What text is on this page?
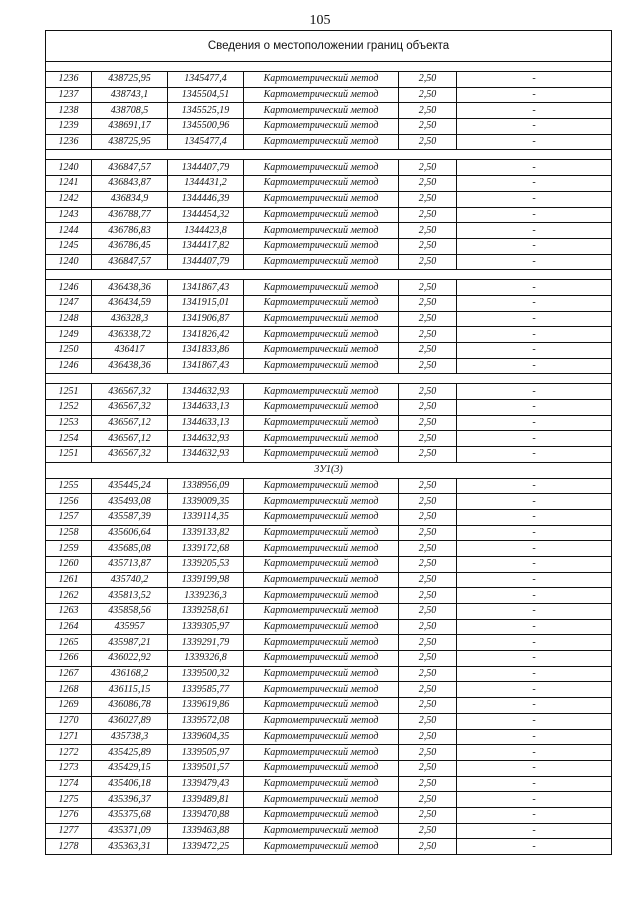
105
Сведения о местоположении границ объекта					

1236	438725,95	1345477,4	Картометрический метод	2,50	-
1237	438743,1	1345504,51	Картометрический метод	2,50	-
1238	438708,5	1345525,19	Картометрический метод	2,50	-
1239	438691,17	1345500,96	Картометрический метод	2,50	-
1236	438725,95	1345477,4	Картометрический метод	2,50	-

1240	436847,57	1344407,79	Картометрический метод	2,50	-
1241	436843,87	1344431,2	Картометрический метод	2,50	-
1242	436834,9	1344446,39	Картометрический метод	2,50	-
1243	436788,77	1344454,32	Картометрический метод	2,50	-
1244	436786,83	1344423,8	Картометрический метод	2,50	-
1245	436786,45	1344417,82	Картометрический метод	2,50	-
1240	436847,57	1344407,79	Картометрический метод	2,50	-

1246	436438,36	1341867,43	Картометрический метод	2,50	-
1247	436434,59	1341915,01	Картометрический метод	2,50	-
1248	436328,3	1341906,87	Картометрический метод	2,50	-
1249	436338,72	1341826,42	Картометрический метод	2,50	-
1250	436417	1341833,86	Картометрический метод	2,50	-
1246	436438,36	1341867,43	Картометрический метод	2,50	-

1251	436567,32	1344632,93	Картометрический метод	2,50	-
1252	436567,32	1344633,13	Картометрический метод	2,50	-
1253	436567,12	1344633,13	Картометрический метод	2,50	-
1254	436567,12	1344632,93	Картометрический метод	2,50	-
1251	436567,32	1344632,93	Картометрический метод	2,50	-
3У1(3)					
1255	435445,24	1338956,09	Картометрический метод	2,50	-
1256	435493,08	1339009,35	Картометрический метод	2,50	-
1257	435587,39	1339114,35	Картометрический метод	2,50	-
1258	435606,64	1339133,82	Картометрический метод	2,50	-
1259	435685,08	1339172,68	Картометрический метод	2,50	-
1260	435713,87	1339205,53	Картометрический метод	2,50	-
1261	435740,2	1339199,98	Картометрический метод	2,50	-
1262	435813,52	1339236,3	Картометрический метод	2,50	-
1263	435858,56	1339258,61	Картометрический метод	2,50	-
1264	435957	1339305,97	Картометрический метод	2,50	-
1265	435987,21	1339291,79	Картометрический метод	2,50	-
1266	436022,92	1339326,8	Картометрический метод	2,50	-
1267	436168,2	1339500,32	Картометрический метод	2,50	-
1268	436115,15	1339585,77	Картометрический метод	2,50	-
1269	436086,78	1339619,86	Картометрический метод	2,50	-
1270	436027,89	1339572,08	Картометрический метод	2,50	-
1271	435738,3	1339604,35	Картометрический метод	2,50	-
1272	435425,89	1339505,97	Картометрический метод	2,50	-
1273	435429,15	1339501,57	Картометрический метод	2,50	-
1274	435406,18	1339479,43	Картометрический метод	2,50	-
1275	435396,37	1339489,81	Картометрический метод	2,50	-
1276	435375,68	1339470,88	Картометрический метод	2,50	-
1277	435371,09	1339463,88	Картометрический метод	2,50	-
1278	435363,31	1339472,25	Картометрический метод	2,50	-
